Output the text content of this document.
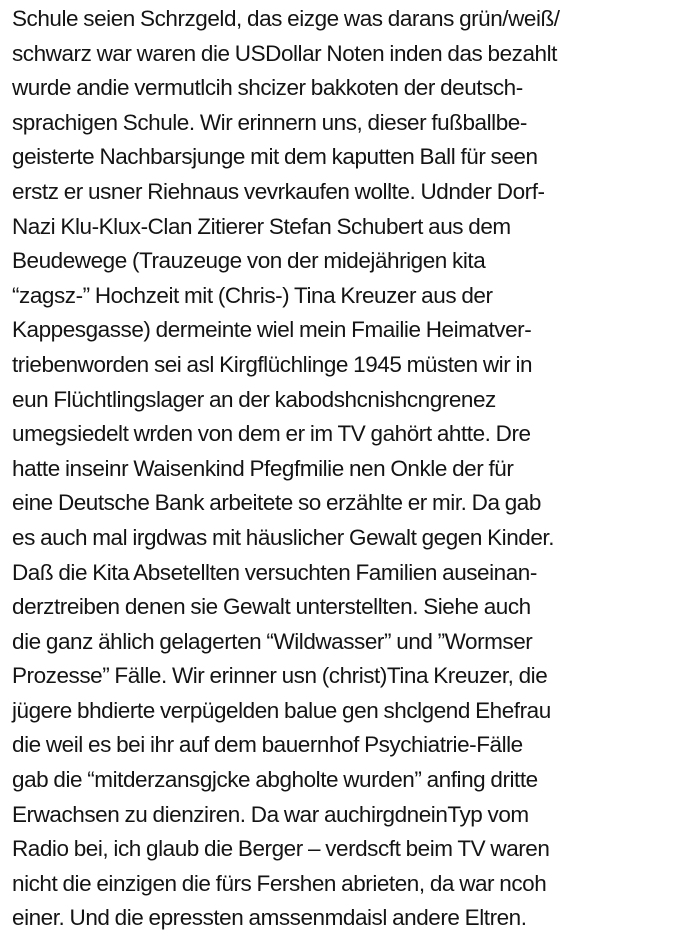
Schule seien Schrzgeld, das eizge was darans grün/weiß/
schwarz war waren die USDollar Noten inden das bezahlt
wurde andie vermutlcih shcizer bakkoten der deutsch-
sprachigen Schule. Wir erinnern uns, dieser fußballbe-
geisterte Nachbarsjunge mit dem kaputten Ball für seen
erstz er usner Riehnaus vevrkaufen wollte. Udnder Dorf-
Nazi Klu-Klux-Clan Zitierer Stefan Schubert aus dem
Beudewege (Trauzeuge von der midejährigen kita
“zagsz-” Hochzeit mit (Chris-) Tina Kreuzer aus der
Kappesgasse) dermeinte wiel mein Fmailie Heimatver-
triebenworden sei asl Kirgflüchlinge 1945 müsten wir in
eun Flüchtlingslager an der kabodshcnishcngrenez
umegsiedelt wrden von dem er im TV gahört ahtte. Dre
hatte inseinr Waisenkind Pfegfmilie nen Onkle der für
eine Deutsche Bank arbeitete so erzählte er mir. Da gab
es auch mal irgdwas mit häuslicher Gewalt gegen Kinder.
Daß die Kita Absetellten versuchten Familien auseinan-
derztreiben denen sie Gewalt unterstellten. Siehe auch
die ganz ählich gelagerten “Wildwasser” und ”Wormser
Prozesse” Fälle. Wir erinner usn (christ)Tina Kreuzer, die
jügere bhdierte verpügelden balue gen shclgend Ehefrau
die weil es bei ihr auf dem bauernhof Psychiatrie-Fälle
gab die “mitderzansgjcke abgholte wurden” anfing dritte
Erwachsen zu dienziren. Da war auchirgdneinTyp vom
Radio bei, ich glaub die Berger – verdscft beim TV waren
nicht die einzigen die fürs Fershen abrieten, da war ncoh
einer. Und die epressten amssenmdaisl andere Eltren.
